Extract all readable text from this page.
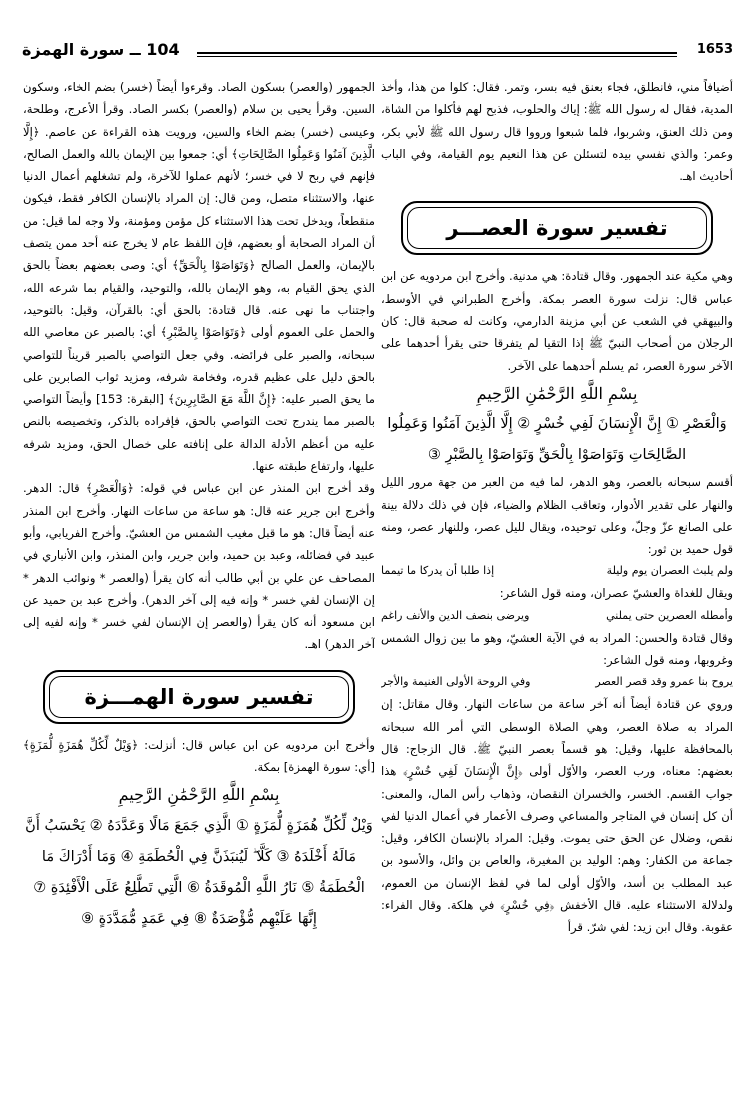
104 ــ سورة الهمزة	1653

أضيافاً مني، فانطلق، فجاء بعنق فيه بسر، وتمر. فقال: كلوا من هذا، وأخذ المدية، فقال له رسول الله ﷺ: إياك والحلوب، فذبح لهم فأكلوا من الشاة، ومن ذلك العنق، وشربوا، فلما شبعوا ورووا قال رسول الله ﷺ لأبي بكر، وعمر: والذي نفسي بيده لتسئلن عن هذا النعيم يوم القيامة، وفي الباب أحاديث اهـ.

تفسير سورة العصـــر

وهي مكية عند الجمهور. وقال قتادة: هي مدنية. وأخرج ابن مردويه عن ابن عباس قال: نزلت سورة العصر بمكة. وأخرج الطبراني في الأوسط، والبيهقي في الشعب عن أبي مزينة الدارمي، وكانت له صحبة قال: كان الرجلان من أصحاب النبيّ ﷺ إذا التقيا لم يتفرقا حتى يقرأ أحدهما على الآخر سورة العصر، ثم يسلم أحدهما على الآخر.

بِسْمِ اللَّهِ الرَّحْمَٰنِ الرَّحِيمِ
وَالْعَصْرِ ① إِنَّ الْإِنسَانَ لَفِي خُسْرٍ ② إِلَّا الَّذِينَ آمَنُوا وَعَمِلُوا الصَّالِحَاتِ وَتَوَاصَوْا بِالْحَقِّ وَتَوَاصَوْا بِالصَّبْرِ ③

أقسم سبحانه بالعصر، وهو الدهر، لما فيه من العبر من جهة مرور الليل والنهار على تقدير الأدوار، وتعاقب الظلام والضياء، فإن في ذلك دلالة بينة على الصانع عزّ وجلّ، وعلى توحيده، ويقال لليل عصر، وللنهار عصر، ومنه قول حميد بن ثور:

ولم يلبث العصران يوم وليلة
إذا طلبا أن يدركا ما تيمما

ويقال للغداة والعشيّ عصران، ومنه قول الشاعر:

وأمطله العصرين حتى يملني
ويرضى بنصف الدين والأنف راغم

وقال قتادة والحسن: المراد به في الآية العشيّ، وهو ما بين زوال الشمس وغروبها، ومنه قول الشاعر:

يروح بنا عمرو وقد قصر العصر
وفي الروحة الأولى الغنيمة والأجر

وروي عن قتادة أيضاً أنه آخر ساعة من ساعات النهار. وقال مقاتل: إن المراد به صلاة العصر، وهي الصلاة الوسطى التي أمر الله سبحانه بالمحافظة عليها، وقيل: هو قسماً بعصر النبيّ ﷺ. قال الزجاج: قال بعضهم: معناه، ورب العصر، والأوّل أولى ﴿إِنَّ الْإِنسَانَ لَفِي خُسْرٍ﴾ هذا جواب القسم. الخسر، والخسران النقصان، وذهاب رأس المال، والمعنى: أن كل إنسان في المتاجر والمساعي وصرف الأعمار في أعمال الدنيا لفي نقص، وضلال عن الحق حتى يموت. وقيل: المراد بالإنسان الكافر، وقيل: جماعة من الكفار: وهم: الوليد بن المغيرة، والعاص بن وائل، والأسود بن عبد المطلب بن أسد، والأوّل أولى لما في لفظ الإنسان من العموم، ولدلالة الاستثناء عليه. قال الأخفش ﴿فِي خُسْرٍ﴾ في هلكة. وقال الفراء: عقوبة. وقال ابن زيد: لفي شرّ. قرأ

الجمهور (والعصر) بسكون الصاد. وقرءوا أيضاً (خسر) بضم الخاء، وسكون السين. وقرأ يحيى بن سلام (والعصر) بكسر الصاد. وقرأ الأعرج، وطلحة، وعيسى (خسر) بضم الخاء والسين، ورويت هذه القراءة عن عاصم. ﴿إِلَّا الَّذِينَ آمَنُوا وَعَمِلُوا الصَّالِحَاتِ﴾ أي: جمعوا بين الإيمان بالله والعمل الصالح، فإنهم في ربح لا في خسر؛ لأنهم عملوا للآخرة، ولم تشغلهم أعمال الدنيا عنها، والاستثناء متصل، ومن قال: إن المراد بالإنسان الكافر فقط، فيكون منقطعاً، ويدخل تحت هذا الاستثناء كل مؤمن ومؤمنة، ولا وجه لما قيل: من أن المراد الصحابة أو بعضهم، فإن اللفظ عام لا يخرج عنه أحد ممن يتصف بالإيمان، والعمل الصالح ﴿وَتَوَاصَوْا بِالْحَقِّ﴾ أي: وصى بعضهم بعضاً بالحق الذي يحق القيام به، وهو الإيمان بالله، والتوحيد، والقيام بما شرعه الله، واجتناب ما نهى عنه. قال قتادة: بالحق أي: بالقرآن، وقيل: بالتوحيد، والحمل على العموم أولى ﴿وَتَوَاصَوْا بِالصَّبْرِ﴾ أي: بالصبر عن معاصي الله سبحانه، والصبر على فرائضه. وفي جعل التواصي بالصبر قريناً للتواصي بالحق دليل على عظيم قدره، وفخامة شرفه، ومزيد ثواب الصابرين على ما يحق الصبر عليه: ﴿إِنَّ اللَّهَ مَعَ الصَّابِرِينَ﴾ [البقرة: 153] وأيضاً التواصي بالصبر مما يندرج تحت التواصي بالحق، فإفراده بالذكر، وتخصيصه بالنص عليه من أعظم الأدلة الدالة على إنافته على خصال الحق، ومزيد شرفه عليها، وارتفاع طبقته عنها.

وقد أخرج ابن المنذر عن ابن عباس في قوله: ﴿وَالْعَصْرِ﴾ قال: الدهر. وأخرج ابن جرير عنه قال: هو ساعة من ساعات النهار. وأخرج ابن المنذر عنه أيضاً قال: هو ما قبل مغيب الشمس من العشيّ. وأخرج الفريابي، وأبو عبيد في فضائله، وعبد بن حميد، وابن جرير، وابن المنذر، وابن الأنباري في المصاحف عن علي بن أبي طالب أنه كان يقرأ (والعصر * ونوائب الدهر * إن الإنسان لفي خسر * وإنه فيه إلى آخر الدهر). وأخرج عبد بن حميد عن ابن مسعود أنه كان يقرأ (والعصر إن الإنسان لفي خسر * وإنه لفيه إلى آخر الدهر) اهـ.

تفسير سورة الهمـــزة

وأخرج ابن مردويه عن ابن عباس قال: أنزلت: ﴿وَيْلٌ لِّكُلِّ هُمَزَةٍ لُّمَزَةٍ﴾ [أي: سورة الهمزة] بمكة.

بِسْمِ اللَّهِ الرَّحْمَٰنِ الرَّحِيمِ
وَيْلٌ لِّكُلِّ هُمَزَةٍ لُّمَزَةٍ ① الَّذِي جَمَعَ مَالًا وَعَدَّدَهُ ② يَحْسَبُ أَنَّ مَالَهُ أَخْلَدَهُ ③ كَلَّا ۖ لَيُنبَذَنَّ فِي الْحُطَمَةِ ④ وَمَا أَدْرَاكَ مَا الْحُطَمَةُ ⑤ نَارُ اللَّهِ الْمُوقَدَةُ ⑥ الَّتِي تَطَّلِعُ عَلَى الْأَفْئِدَةِ ⑦ إِنَّهَا عَلَيْهِم مُّؤْصَدَةٌ ⑧ فِي عَمَدٍ مُّمَدَّدَةٍ ⑨
